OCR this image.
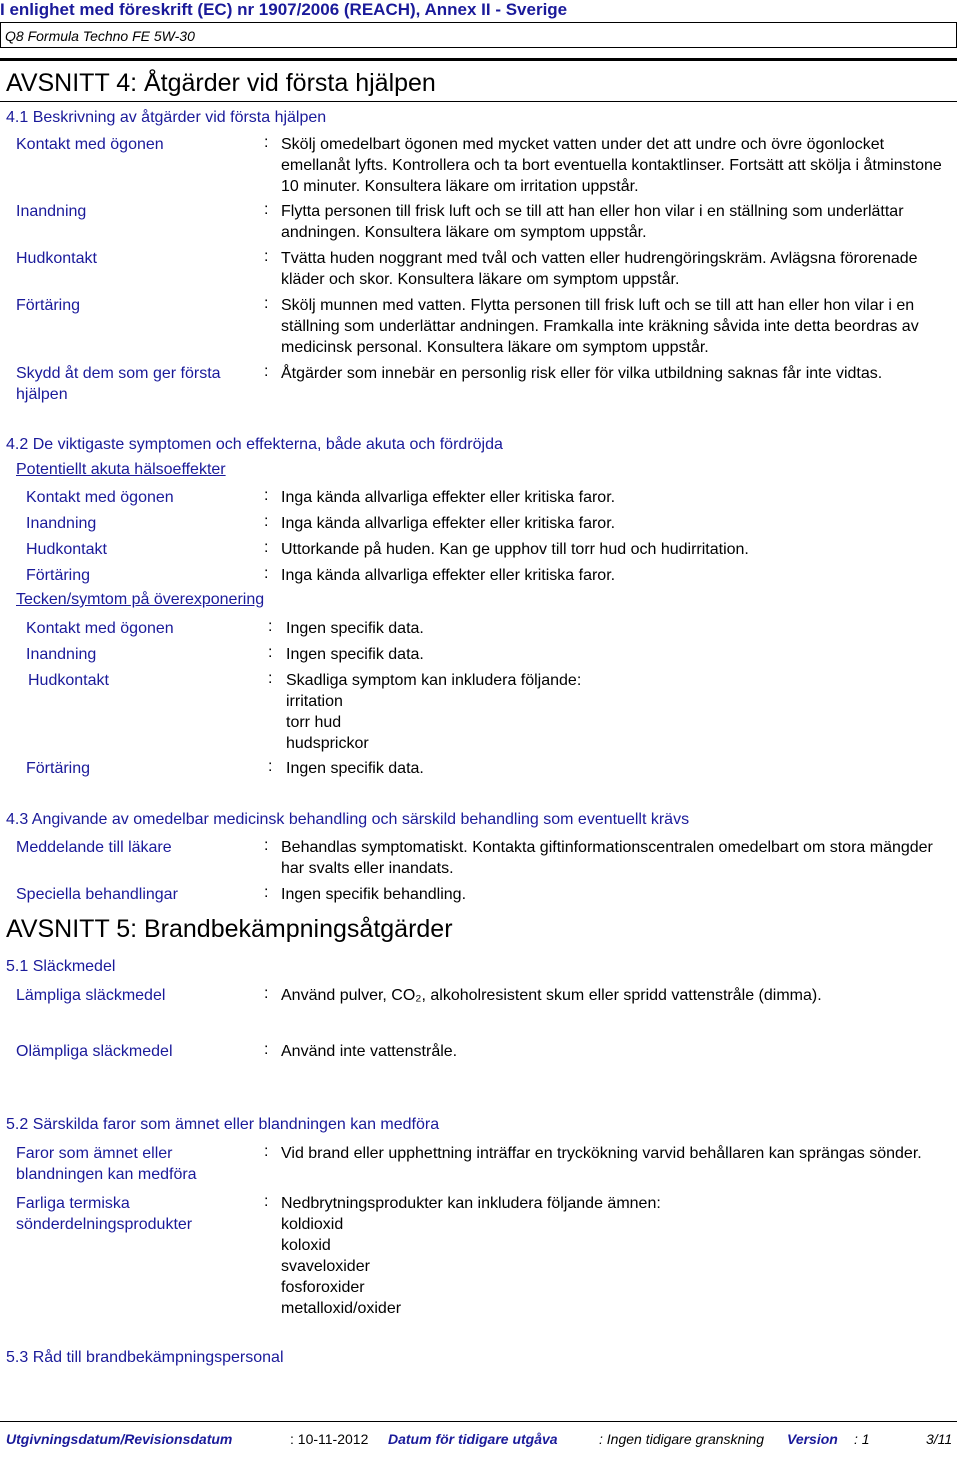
I enlighet med föreskrift (EC) nr 1907/2006 (REACH), Annex II - Sverige
Q8 Formula Techno FE 5W-30
AVSNITT 4: Åtgärder vid första hjälpen
4.1 Beskrivning av åtgärder vid första hjälpen
Kontakt med ögonen	: Skölj omedelbart ögonen med mycket vatten under det att undre och övre ögonlocket emellanåt lyfts. Kontrollera och ta bort eventuella kontaktlinser. Fortsätt att skölja i åtminstone 10 minuter. Konsultera läkare om irritation uppstår.
Inandning	: Flytta personen till frisk luft och se till att han eller hon vilar i en ställning som underlättar andningen. Konsultera läkare om symptom uppstår.
Hudkontakt	: Tvätta huden noggrant med tvål och vatten eller hudrengöringskräm. Avlägsna förorenade kläder och skor. Konsultera läkare om symptom uppstår.
Förtäring	: Skölj munnen med vatten. Flytta personen till frisk luft och se till att han eller hon vilar i en ställning som underlättar andningen. Framkalla inte kräkning såvida inte detta beordras av medicinsk personal. Konsultera läkare om symptom uppstår.
Skydd åt dem som ger första hjälpen
: Åtgärder som innebär en personlig risk eller för vilka utbildning saknas får inte vidtas.
4.2 De viktigaste symptomen och effekterna, både akuta och fördröjda
Potentiellt akuta hälsoeffekter
Kontakt med ögonen	: Inga kända allvarliga effekter eller kritiska faror.
Inandning	: Inga kända allvarliga effekter eller kritiska faror.
Hudkontakt	: Uttorkande på huden. Kan ge upphov till torr hud och hudirritation.
Förtäring	: Inga kända allvarliga effekter eller kritiska faror.
Tecken/symtom på överexponering
Kontakt med ögonen	: Ingen specifik data.
Inandning	: Ingen specifik data.
Hudkontakt	: Skadliga symptom kan inkludera följande:
irritation
torr hud
hudsprickor
Förtäring	: Ingen specifik data.
4.3 Angivande av omedelbar medicinsk behandling och särskild behandling som eventuellt krävs
Meddelande till läkare	: Behandlas symptomatiskt. Kontakta giftinformationscentralen omedelbart om stora mängder har svalts eller inandats.
Speciella behandlingar	: Ingen specifik behandling.
AVSNITT 5: Brandbekämpningsåtgärder
5.1 Släckmedel
Lämpliga släckmedel	: Använd pulver, CO₂, alkoholresistent skum eller spridd vattenstråle (dimma).
Olämpliga släckmedel	: Använd inte vattenstråle.
5.2 Särskilda faror som ämnet eller blandningen kan medföra
Faror som ämnet eller blandningen kan medföra
: Vid brand eller upphettning inträffar en tryckökning varvid behållaren kan sprängas sönder.
Farliga termiska sönderdelningsprodukter
: Nedbrytningsprodukter kan inkludera följande ämnen:
koldioxid
koloxid
svaveloxider
fosforoxider
metalloxid/oxider
5.3 Råd till brandbekämpningspersonal
Utgivningsdatum/Revisionsdatum	: 10-11-2012 Datum för tidigare utgåva	: Ingen tidigare granskning Version : 1	3/11
